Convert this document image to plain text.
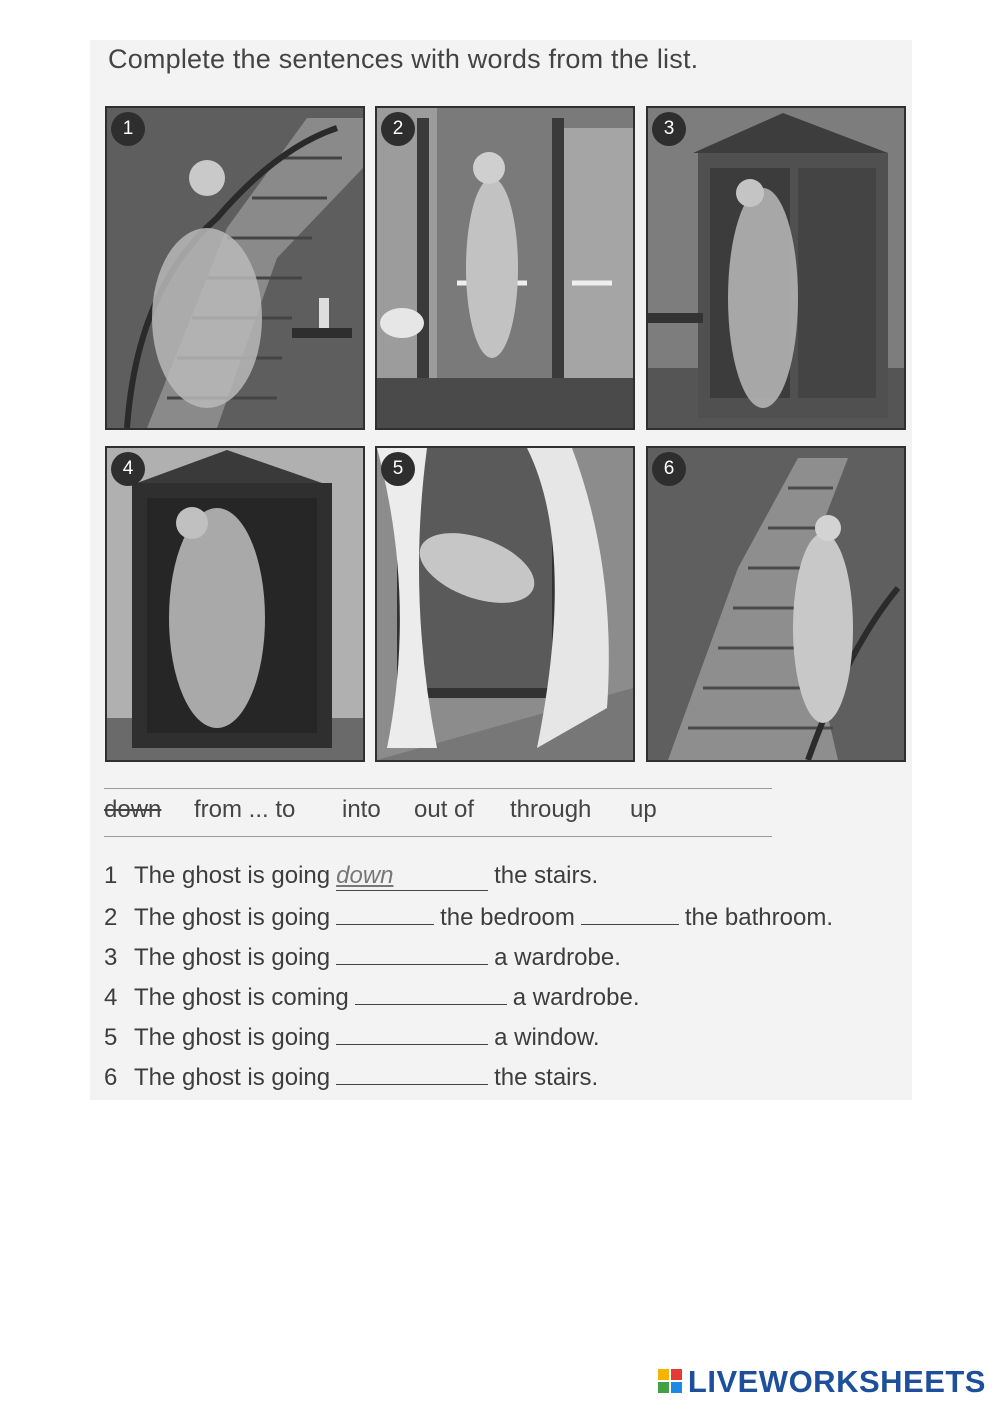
Complete the sentences with words from the list.
1	2	3
4	5	6
down from ... to into out of through up
1 The ghost is going down	the stairs.
2 The ghost is going	the bedroom	the bathroom.
3 The ghost is going	a wardrobe.
4 The ghost is coming	a wardrobe.
5 The ghost is going	a window.
6 The ghost is going	the stairs.
LIVEWORKSHEETS
